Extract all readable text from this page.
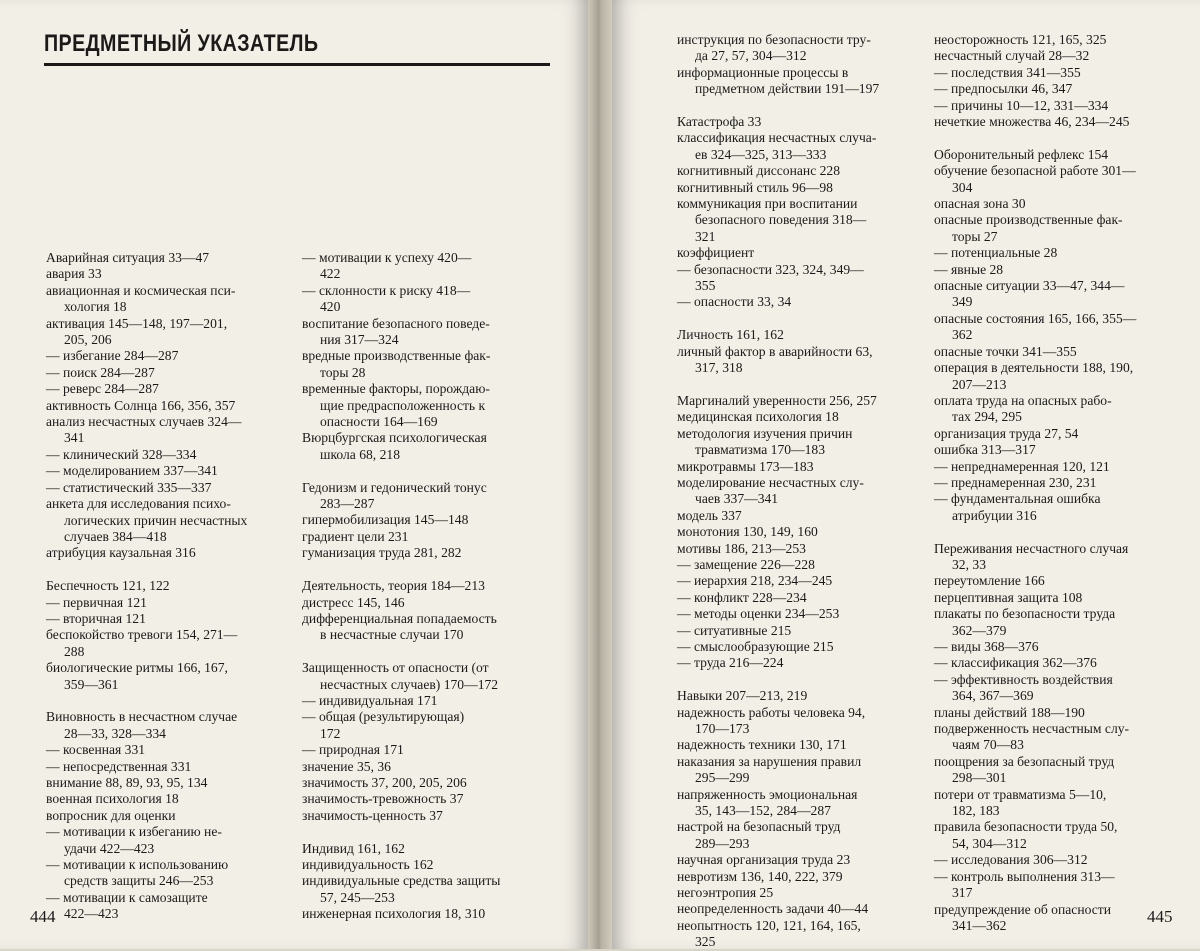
ПРЕДМЕТНЫЙ УКАЗАТЕЛЬ
Аварийная ситуация 33—47
авария 33
авиационная и космическая пси-
хология 18
активация 145—148, 197—201,
205, 206
— избегание 284—287
— поиск 284—287
— реверс 284—287
активность Солнца 166, 356, 357
анализ несчастных случаев 324—
341
— клинический 328—334
— моделированием 337—341
— статистический 335—337
анкета для исследования психо-
логических причин несчастных
случаев 384—418
атрибуция каузальная 316
Беспечность 121, 122
— первичная 121
— вторичная 121
беспокойство тревоги 154, 271—
288
биологические ритмы 166, 167,
359—361
Виновность в несчастном случае
28—33, 328—334
— косвенная 331
— непосредственная 331
внимание 88, 89, 93, 95, 134
военная психология 18
вопросник для оценки
— мотивации к избеганию не-
удачи 422—423
— мотивации к использованию
средств защиты 246—253
— мотивации к самозащите
422—423
— мотивации к успеху 420—
422
— склонности к риску 418—
420
воспитание безопасного поведе-
ния 317—324
вредные производственные фак-
торы 28
временные факторы, порождаю-
щие предрасположенность к
опасности 164—169
Вюрцбургская психологическая
школа 68, 218
Гедонизм и гедонический тонус
283—287
гипермобилизация 145—148
градиент цели 231
гуманизация труда 281, 282
Деятельность, теория 184—213
дистресс 145, 146
дифференциальная попадаемость
в несчастные случаи 170
Защищенность от опасности (от
несчастных случаев) 170—172
— индивидуальная 171
— общая (результирующая)
172
— природная 171
значение 35, 36
значимость 37, 200, 205, 206
значимость-тревожность 37
значимость-ценность 37
Индивид 161, 162
индивидуальность 162
индивидуальные средства защиты
57, 245—253
инженерная психология 18, 310
444
инструкция по безопасности тру-
да 27, 57, 304—312
информационные процессы в
предметном действии 191—197
Катастрофа 33
классификация несчастных случа-
ев 324—325, 313—333
когнитивный диссонанс 228
когнитивный стиль 96—98
коммуникация при воспитании
безопасного поведения 318—
321
коэффициент
— безопасности 323, 324, 349—
355
— опасности 33, 34
Личность 161, 162
личный фактор в аварийности 63,
317, 318
Маргиналий уверенности 256, 257
медицинская психология 18
методология изучения причин
травматизма 170—183
микротравмы 173—183
моделирование несчастных слу-
чаев 337—341
модель 337
монотония 130, 149, 160
мотивы 186, 213—253
— замещение 226—228
— иерархия 218, 234—245
— конфликт 228—234
— методы оценки 234—253
— ситуативные 215
— смыслообразующие 215
— труда 216—224
Навыки 207—213, 219
надежность работы человека 94,
170—173
надежность техники 130, 171
наказания за нарушения правил
295—299
напряженность эмоциональная
35, 143—152, 284—287
настрой на безопасный труд
289—293
научная организация труда 23
невротизм 136, 140, 222, 379
негоэнтропия 25
неопределенность задачи 40—44
неопытность 120, 121, 164, 165,
325
неосторожность 121, 165, 325
несчастный случай 28—32
— последствия 341—355
— предпосылки 46, 347
— причины 10—12, 331—334
нечеткие множества 46, 234—245
Оборонительный рефлекс 154
обучение безопасной работе 301—
304
опасная зона 30
опасные производственные фак-
торы 27
— потенциальные 28
— явные 28
опасные ситуации 33—47, 344—
349
опасные состояния 165, 166, 355—
362
опасные точки 341—355
операция в деятельности 188, 190,
207—213
оплата труда на опасных рабо-
тах 294, 295
организация труда 27, 54
ошибка 313—317
— непреднамеренная 120, 121
— преднамеренная 230, 231
— фундаментальная ошибка
атрибуции 316
Переживания несчастного случая
32, 33
переутомление 166
перцептивная защита 108
плакаты по безопасности труда
362—379
— виды 368—376
— классификация 362—376
— эффективность воздействия
364, 367—369
планы действий 188—190
подверженность несчастным слу-
чаям 70—83
поощрения за безопасный труд
298—301
потери от травматизма 5—10,
182, 183
правила безопасности труда 50,
54, 304—312
— исследования 306—312
— контроль выполнения 313—
317
предупреждение об опасности
341—362	445
